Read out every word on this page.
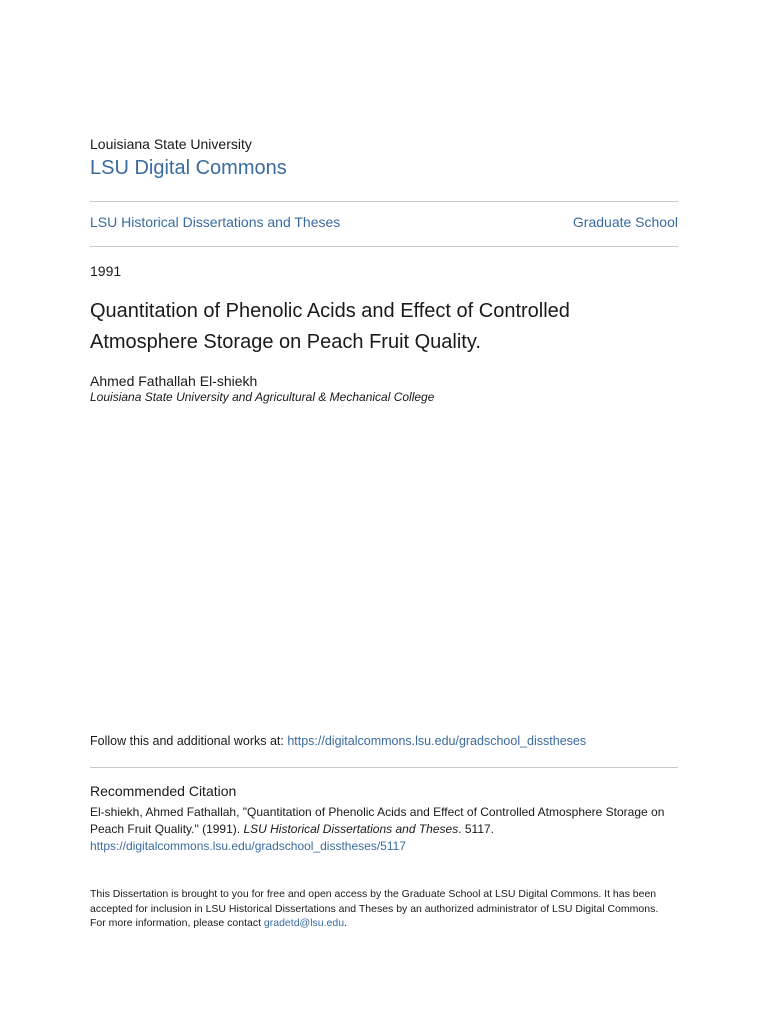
Louisiana State University
LSU Digital Commons
LSU Historical Dissertations and Theses	Graduate School
1991
Quantitation of Phenolic Acids and Effect of Controlled Atmosphere Storage on Peach Fruit Quality.
Ahmed Fathallah El-shiekh
Louisiana State University and Agricultural & Mechanical College
Follow this and additional works at: https://digitalcommons.lsu.edu/gradschool_disstheses
Recommended Citation
El-shiekh, Ahmed Fathallah, "Quantitation of Phenolic Acids and Effect of Controlled Atmosphere Storage on Peach Fruit Quality." (1991). LSU Historical Dissertations and Theses. 5117.
https://digitalcommons.lsu.edu/gradschool_disstheses/5117
This Dissertation is brought to you for free and open access by the Graduate School at LSU Digital Commons. It has been accepted for inclusion in LSU Historical Dissertations and Theses by an authorized administrator of LSU Digital Commons. For more information, please contact gradetd@lsu.edu.
